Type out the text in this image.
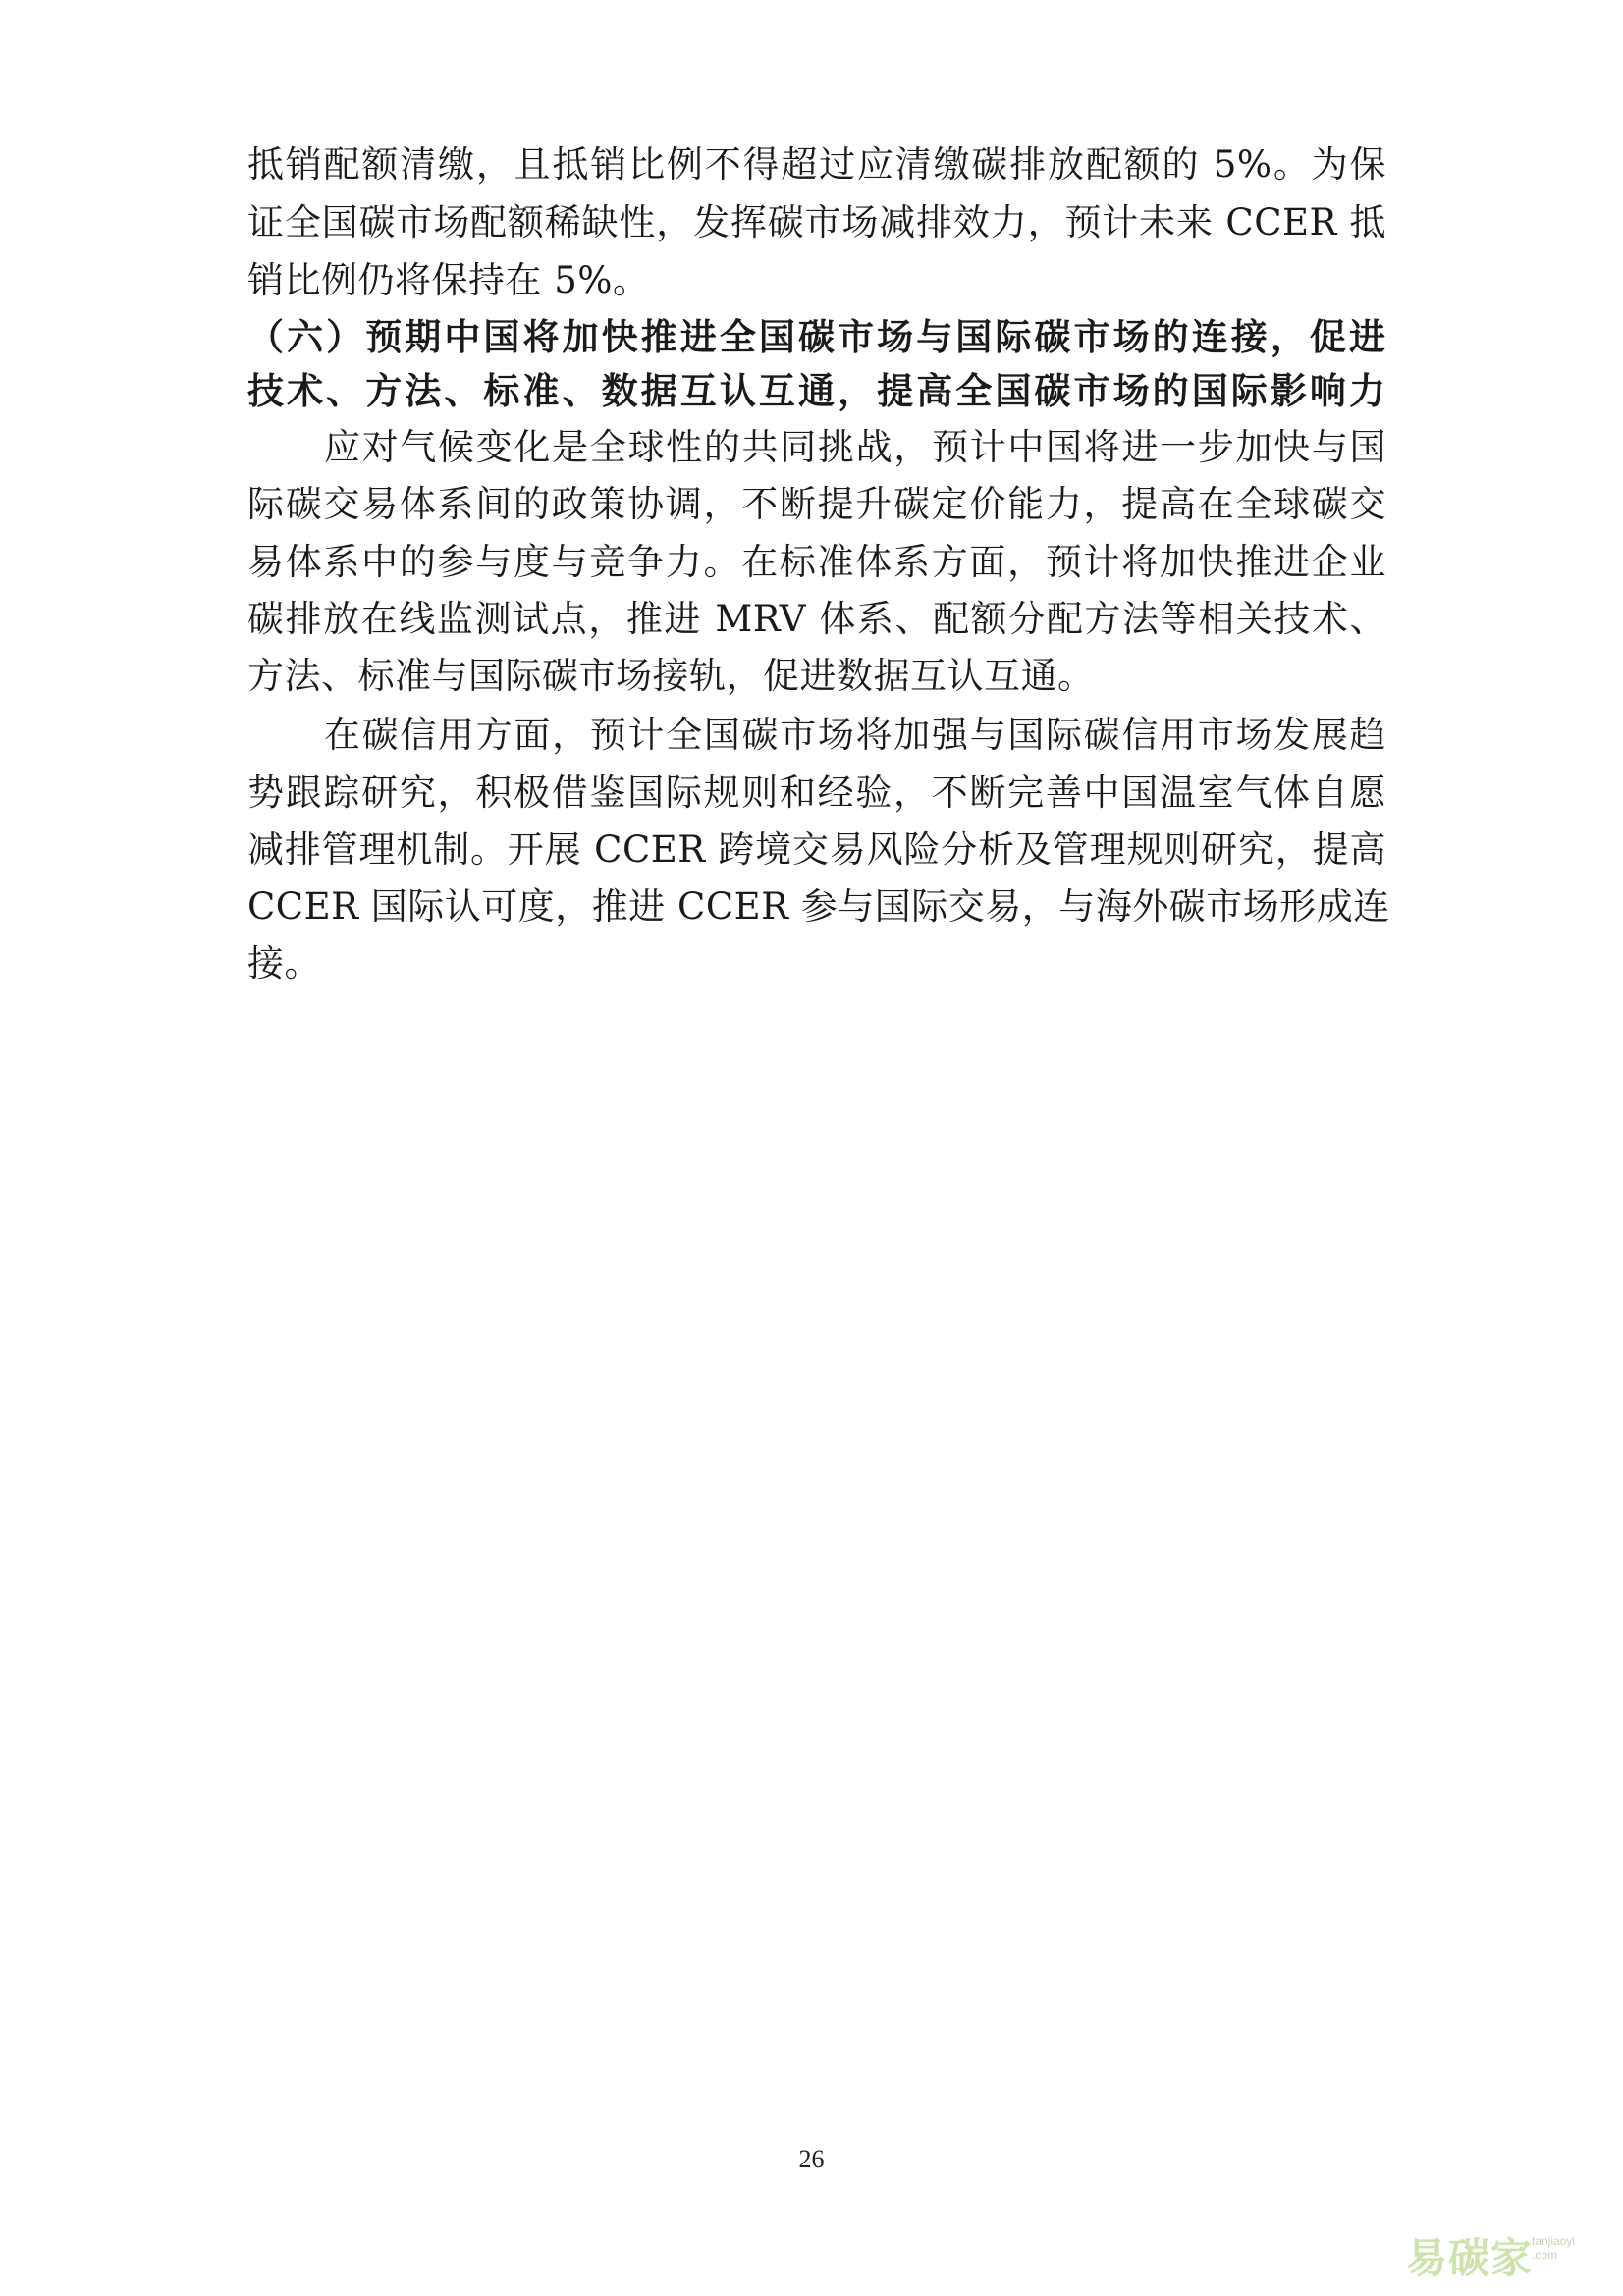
抵销配额清缴，且抵销比例不得超过应清缴碳排放配额的 5%。为保
证全国碳市场配额稀缺性，发挥碳市场减排效力，预计未来 CCER 抵
销比例仍将保持在 5%。
（六）预期中国将加快推进全国碳市场与国际碳市场的连接，促进
技术、方法、标准、数据互认互通，提高全国碳市场的国际影响力
应对气候变化是全球性的共同挑战，预计中国将进一步加快与国
际碳交易体系间的政策协调，不断提升碳定价能力，提高在全球碳交
易体系中的参与度与竞争力。在标准体系方面，预计将加快推进企业
碳排放在线监测试点，推进 MRV 体系、配额分配方法等相关技术、
方法、标准与国际碳市场接轨，促进数据互认互通。
在碳信用方面，预计全国碳市场将加强与国际碳信用市场发展趋
势跟踪研究，积极借鉴国际规则和经验，不断完善中国温室气体自愿
减排管理机制。开展 CCER 跨境交易风险分析及管理规则研究，提高
CCER 国际认可度，推进 CCER 参与国际交易，与海外碳市场形成连
接。
26
易碳家
tanjiaoyi
.com
